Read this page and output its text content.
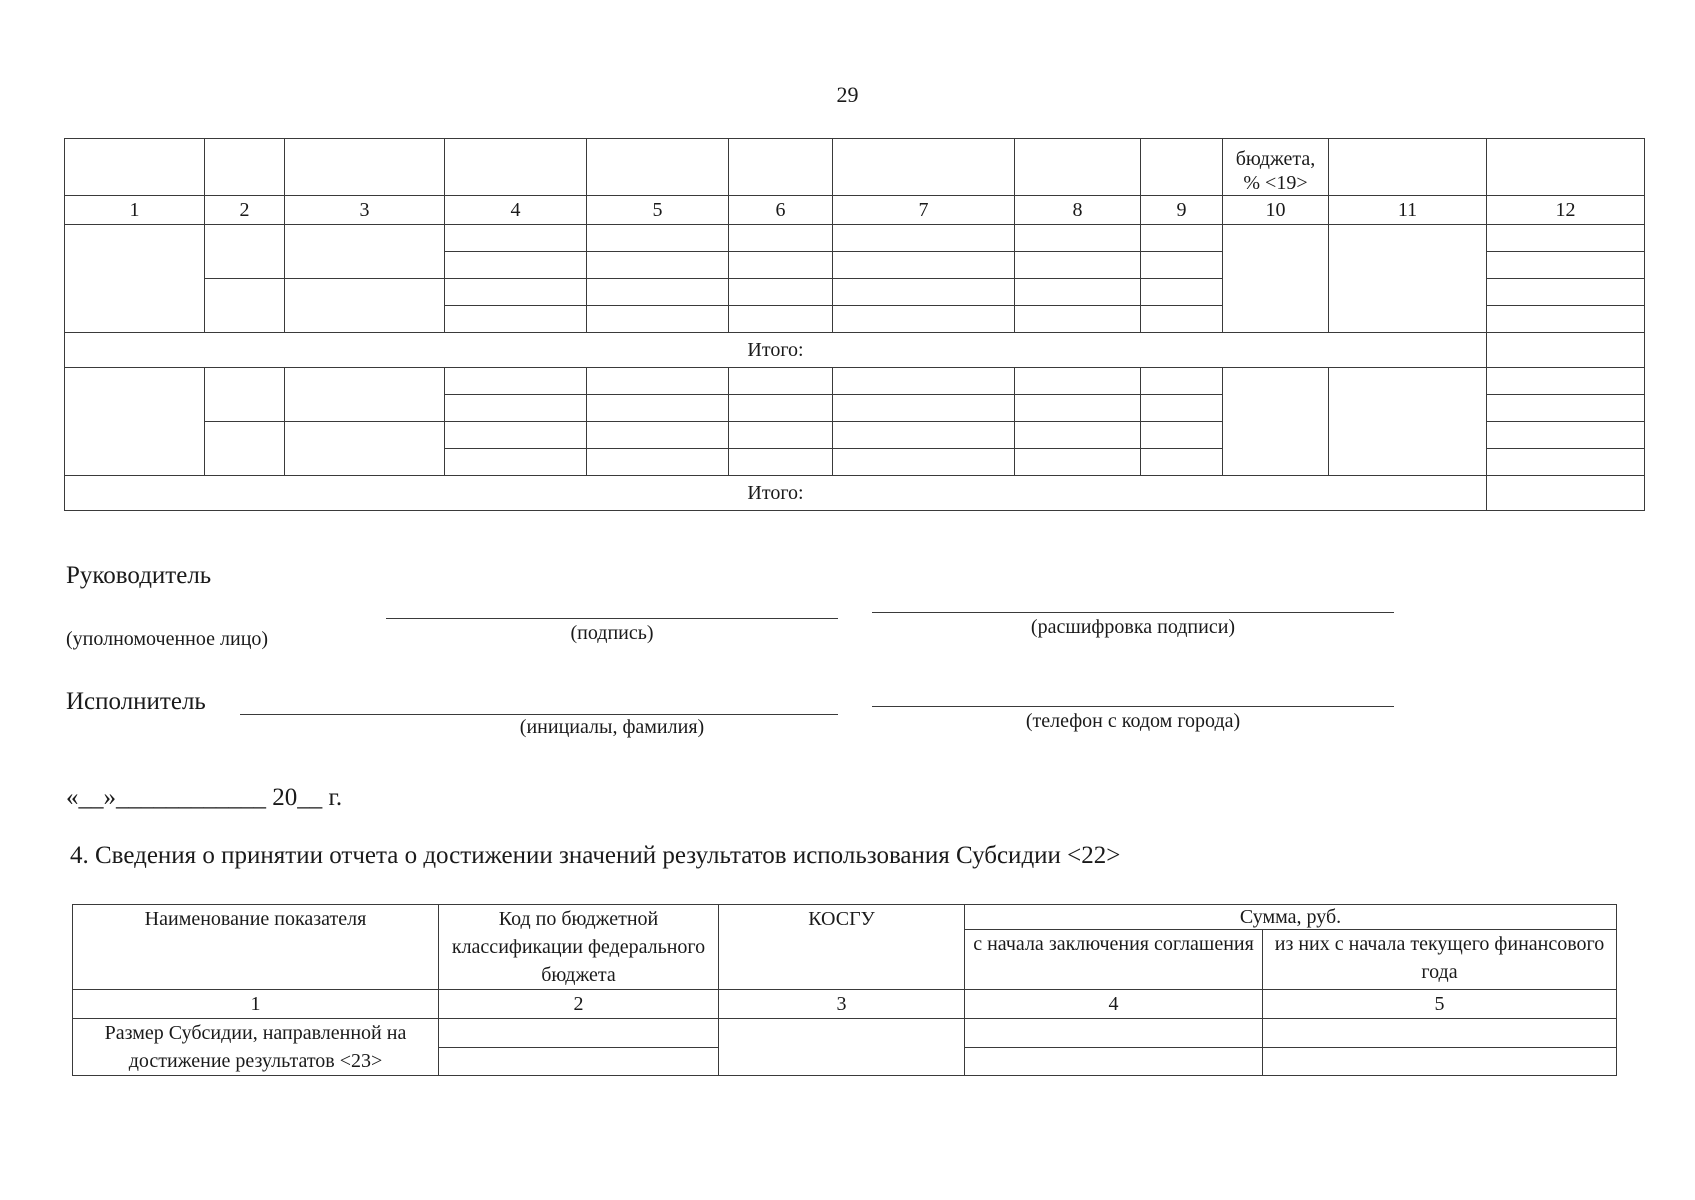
29

									бюджета,
% <19>		

1	2	3	4	5	6	7	8	9	10	11	12

Итого:											

Итого:											
Руководитель
(уполномоченное лицо)	(подпись)	(расшифровка подписи)
Исполнитель
(инициалы, фамилия)	(телефон с кодом города)
«__»____________ 20__ г.
4. Сведения о принятии отчета о достижении значений результатов использования Субсидии <22>
Наименование показателя	Код по бюджетной классификации федерального бюджета	КОСГУ	Сумма, руб.	
			с начала заключения соглашения	из них с начала текущего финансового года
1	2	3	4	5
Размер Субсидии, направленной на достижение результатов <23>				
